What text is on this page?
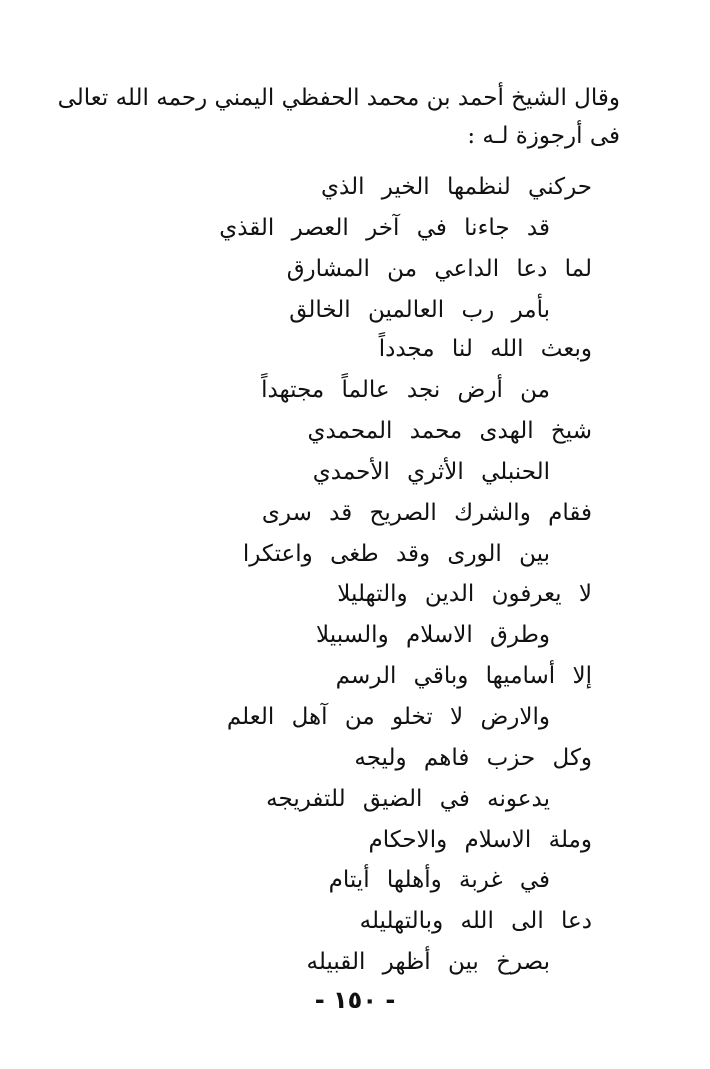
وقال الشيخ أحمد بن محمد الحفظي اليمني رحمه الله تعالى
فى أرجوزة لـه :
حركني لنظمها الخير الذي
قد جاءنا في آخر العصر القذي
لما دعا الداعي من المشارق
بأمر رب العالمين الخالق
وبعث الله لنا مجدداً
من أرض نجد عالماً مجتهداً
شيخ الهدى محمد المحمدي
الحنبلي الأثري الأحمدي
فقام والشرك الصريح قد سرى
بين الورى وقد طغى واعتكرا
لا يعرفون الدين والتهليلا
وطرق الاسلام والسبيلا
إلا أساميها وباقي الرسم
والارض لا تخلو من آهل العلم
وكل حزب فاهم وليجه
يدعونه في الضيق للتفريجه
وملة الاسلام والاحكام
في غربة وأهلها أيتام
دعا الى الله وبالتهليله
بصرخ بين أظهر القبيله
- ١٥٠ -
